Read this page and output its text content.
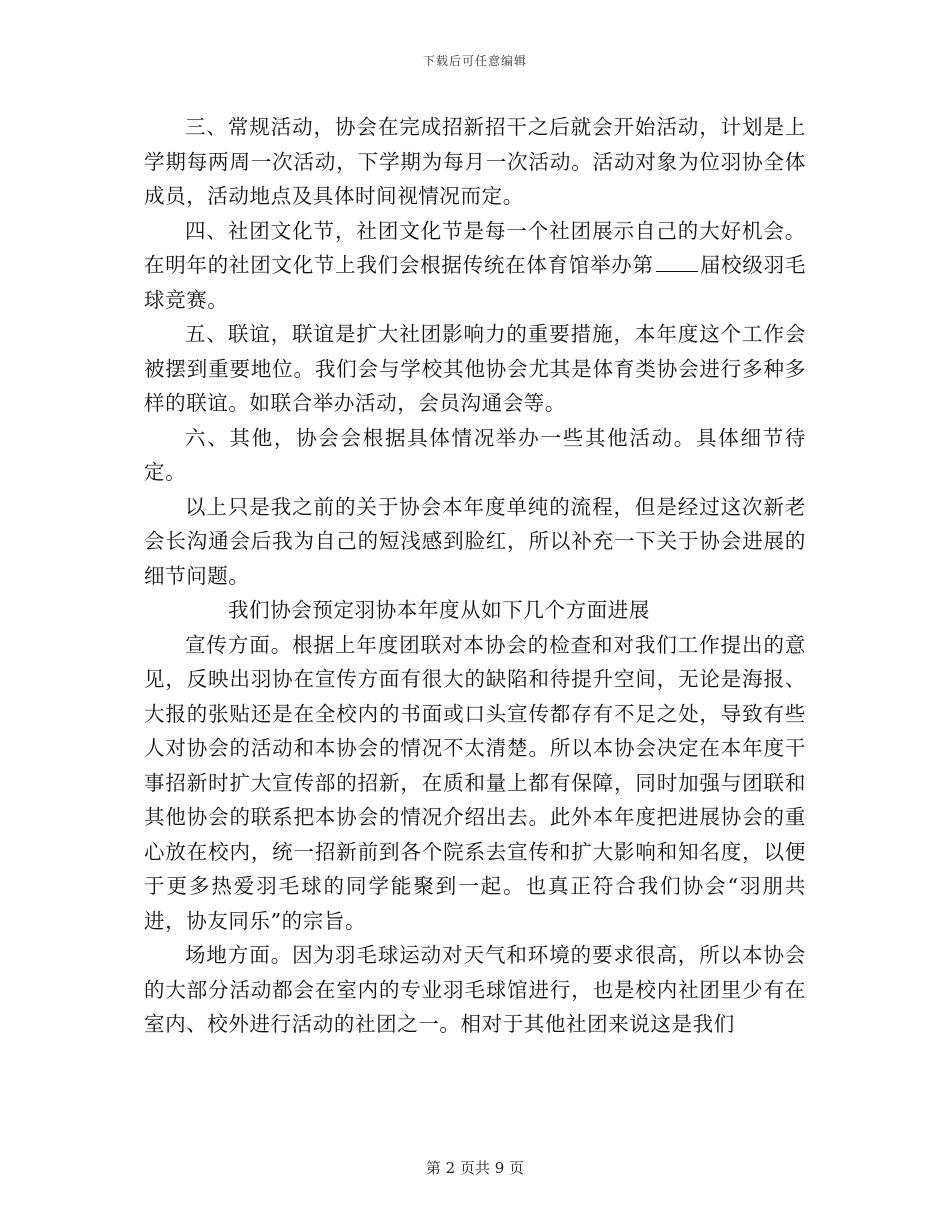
下载后可任意编辑

三、常规活动，协会在完成招新招干之后就会开始活动，计划是上学期每两周一次活动，下学期为每月一次活动。活动对象为位羽协全体成员，活动地点及具体时间视情况而定。

四、社团文化节，社团文化节是每一个社团展示自己的大好机会。在明年的社团文化节上我们会根据传统在体育馆举办第 届校级羽毛球竞赛。

五、联谊，联谊是扩大社团影响力的重要措施，本年度这个工作会被摆到重要地位。我们会与学校其他协会尤其是体育类协会进行多种多样的联谊。如联合举办活动，会员沟通会等。

六、其他，协会会根据具体情况举办一些其他活动。具体细节待定。

以上只是我之前的关于协会本年度单纯的流程，但是经过这次新老会长沟通会后我为自己的短浅感到脸红，所以补充一下关于协会进展的细节问题。

我们协会预定羽协本年度从如下几个方面进展

宣传方面。根据上年度团联对本协会的检查和对我们工作提出的意见，反映出羽协在宣传方面有很大的缺陷和待提升空间，无论是海报、大报的张贴还是在全校内的书面或口头宣传都存有不足之处，导致有些人对协会的活动和本协会的情况不太清楚。所以本协会决定在本年度干事招新时扩大宣传部的招新，在质和量上都有保障，同时加强与团联和其他协会的联系把本协会的情况介绍出去。此外本年度把进展协会的重心放在校内，统一招新前到各个院系去宣传和扩大影响和知名度，以便于更多热爱羽毛球的同学能聚到一起。也真正符合我们协会“羽朋共进，协友同乐”的宗旨。

场地方面。因为羽毛球运动对天气和环境的要求很高，所以本协会的大部分活动都会在室内的专业羽毛球馆进行，也是校内社团里少有在室内、校外进行活动的社团之一。相对于其他社团来说这是我们

第 2 页共 9 页
